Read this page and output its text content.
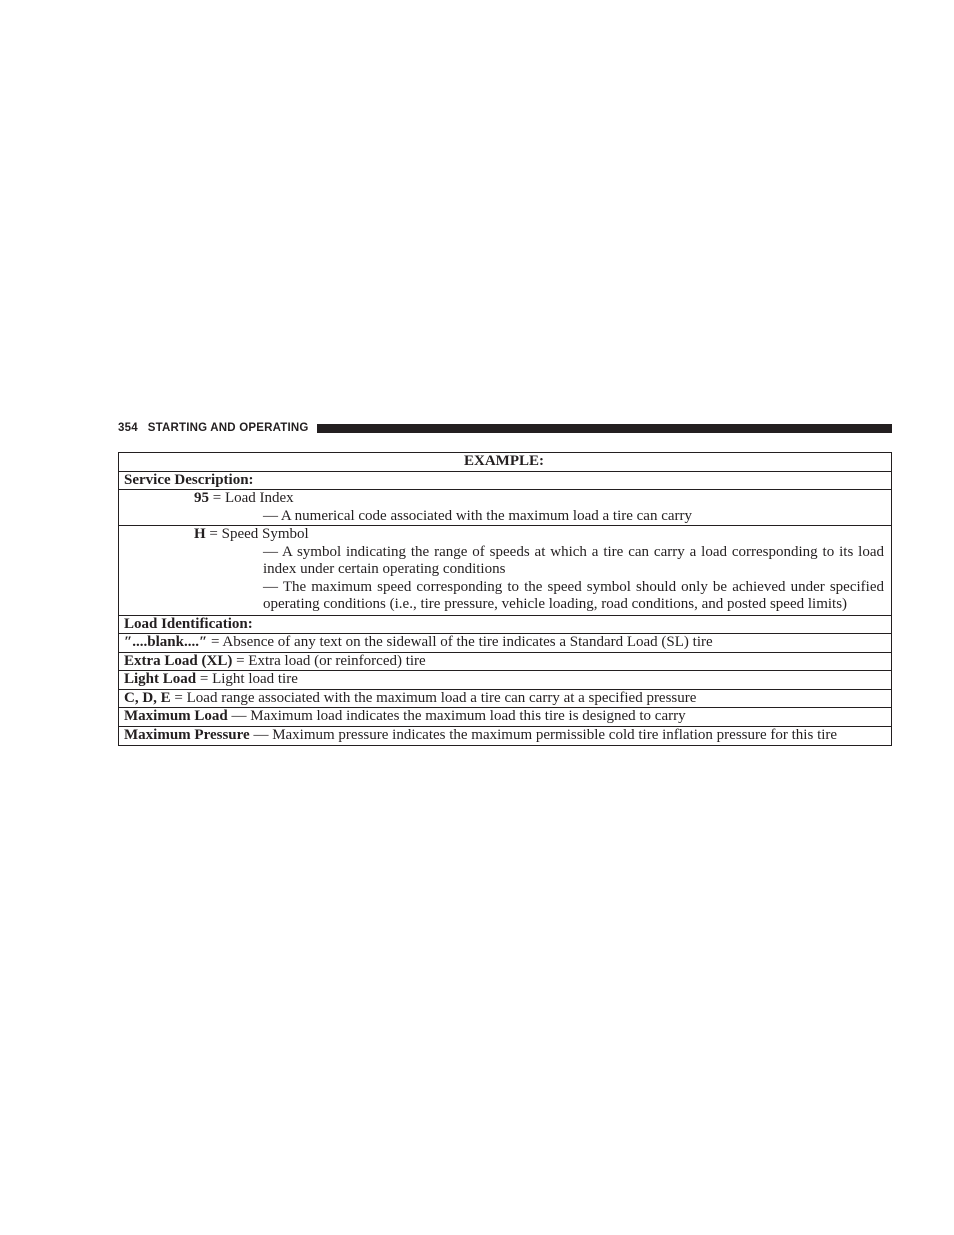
354 STARTING AND OPERATING
EXAMPLE:
Service Description:

95 = Load Index
— A numerical code associated with the maximum load a tire can carry

H = Speed Symbol
— A symbol indicating the range of speeds at which a tire can carry a load corresponding to its load index under certain operating conditions
— The maximum speed corresponding to the speed symbol should only be achieved under specified operating conditions (i.e., tire pressure, vehicle loading, road conditions, and posted speed limits)

Load Identification:
″....blank....″ = Absence of any text on the sidewall of the tire indicates a Standard Load (SL) tire
Extra Load (XL) = Extra load (or reinforced) tire
Light Load = Light load tire
C, D, E = Load range associated with the maximum load a tire can carry at a specified pressure
Maximum Load — Maximum load indicates the maximum load this tire is designed to carry
Maximum Pressure — Maximum pressure indicates the maximum permissible cold tire inflation pressure for this tire
